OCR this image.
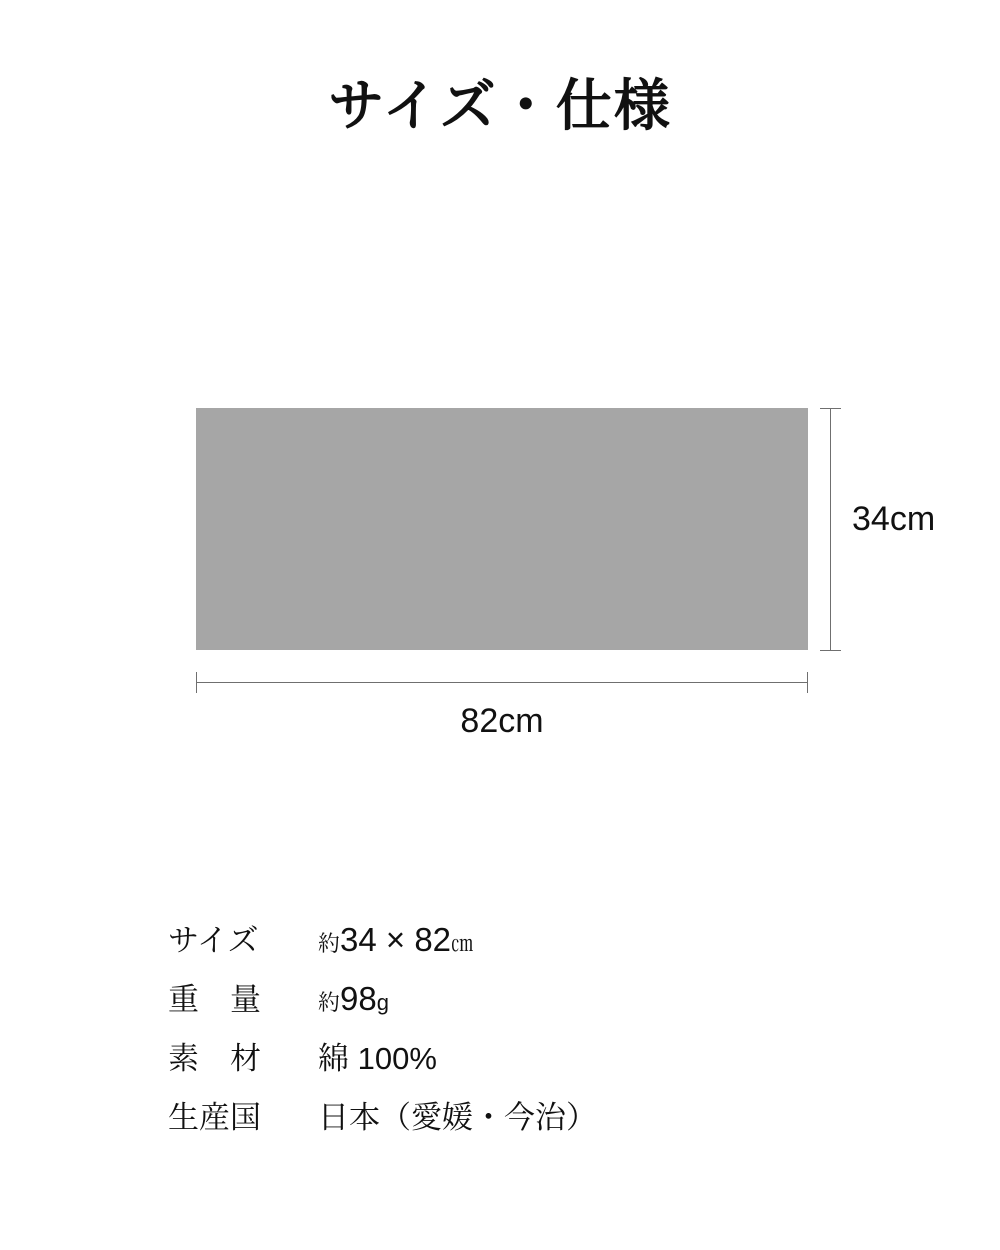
サイズ・仕様
34cm
82cm
サイズ	約34 × 82㎝
重　量	約98g
素　材	綿 100%
生産国	日本（愛媛・今治）
